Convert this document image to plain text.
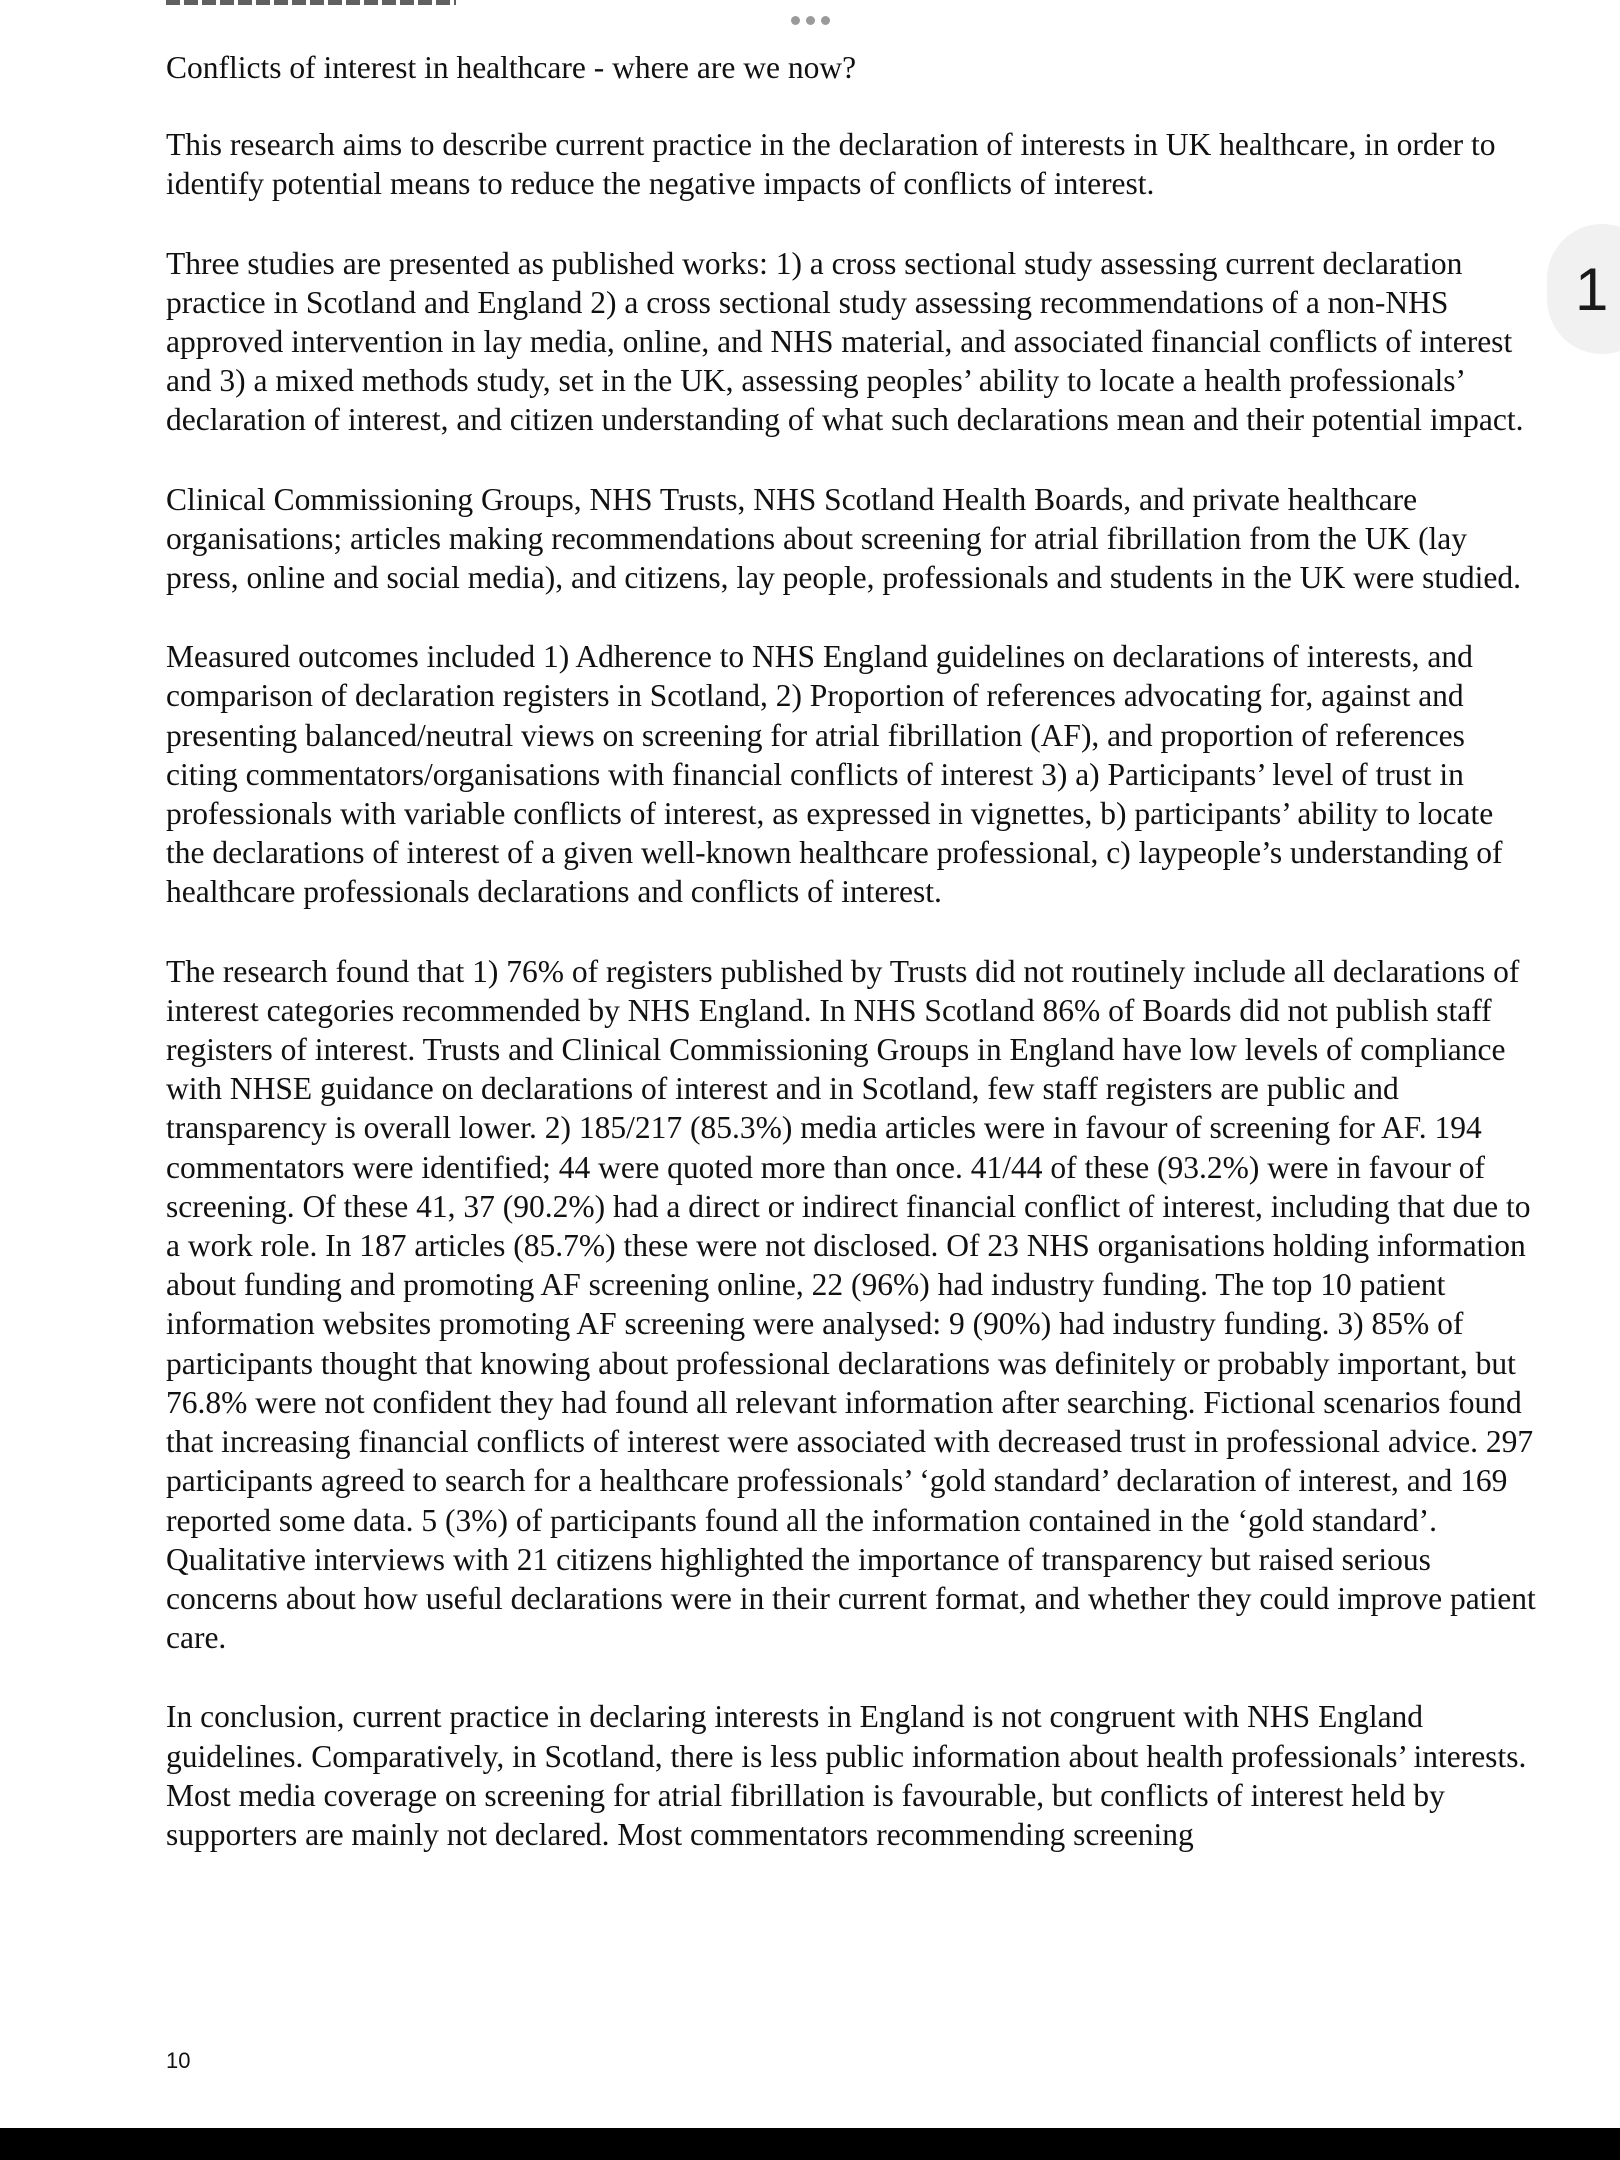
1

Conflicts of interest in healthcare - where are we now?

This research aims to describe current practice in the declaration of interests in UK healthcare, in order to identify potential means to reduce the negative impacts of conflicts of interest.

Three studies are presented as published works: 1) a cross sectional study assessing current declaration practice in Scotland and England 2) a cross sectional study assessing recommendations of a non-NHS approved intervention in lay media, online, and NHS material, and associated financial conflicts of interest and 3) a mixed methods study, set in the UK, assessing peoples’ ability to locate a health professionals’ declaration of interest, and citizen understanding of what such declarations mean and their potential impact.

Clinical Commissioning Groups, NHS Trusts, NHS Scotland Health Boards, and private healthcare organisations; articles making recommendations about screening for atrial fibrillation from the UK (lay press, online and social media), and citizens, lay people, professionals and students in the UK were studied.

Measured outcomes included 1) Adherence to NHS England guidelines on declarations of interests, and comparison of declaration registers in Scotland, 2) Proportion of references advocating for, against and presenting balanced/neutral views on screening for atrial fibrillation (AF), and proportion of references citing commentators/organisations with financial conflicts of interest 3) a) Participants’ level of trust in professionals with variable conflicts of interest, as expressed in vignettes, b) participants’ ability to locate the declarations of interest of a given well-known healthcare professional, c) laypeople’s understanding of healthcare professionals declarations and conflicts of interest.

The research found that 1) 76% of registers published by Trusts did not routinely include all declarations of interest categories recommended by NHS England. In NHS Scotland 86% of Boards did not publish staff registers of interest. Trusts and Clinical Commissioning Groups in England have low levels of compliance with NHSE guidance on declarations of interest and in Scotland, few staff registers are public and transparency is overall lower. 2) 185/217 (85.3%) media articles were in favour of screening for AF. 194 commentators were identified; 44 were quoted more than once. 41/44 of these (93.2%) were in favour of screening. Of these 41, 37 (90.2%) had a direct or indirect financial conflict of interest, including that due to a work role. In 187 articles (85.7%) these were not disclosed. Of 23 NHS organisations holding information about funding and promoting AF screening online, 22 (96%) had industry funding. The top 10 patient information websites promoting AF screening were analysed: 9 (90%) had industry funding. 3) 85% of participants thought that knowing about professional declarations was definitely or probably important, but 76.8% were not confident they had found all relevant information after searching. Fictional scenarios found that increasing financial conflicts of interest were associated with decreased trust in professional advice. 297 participants agreed to search for a healthcare professionals’ ‘gold standard’ declaration of interest, and 169 reported some data. 5 (3%) of participants found all the information contained in the ‘gold standard’. Qualitative interviews with 21 citizens highlighted the importance of transparency but raised serious concerns about how useful declarations were in their current format, and whether they could improve patient care.

In conclusion, current practice in declaring interests in England is not congruent with NHS England guidelines. Comparatively, in Scotland, there is less public information about health professionals’ interests. Most media coverage on screening for atrial fibrillation is favourable, but conflicts of interest held by supporters are mainly not declared. Most commentators recommending screening

10
